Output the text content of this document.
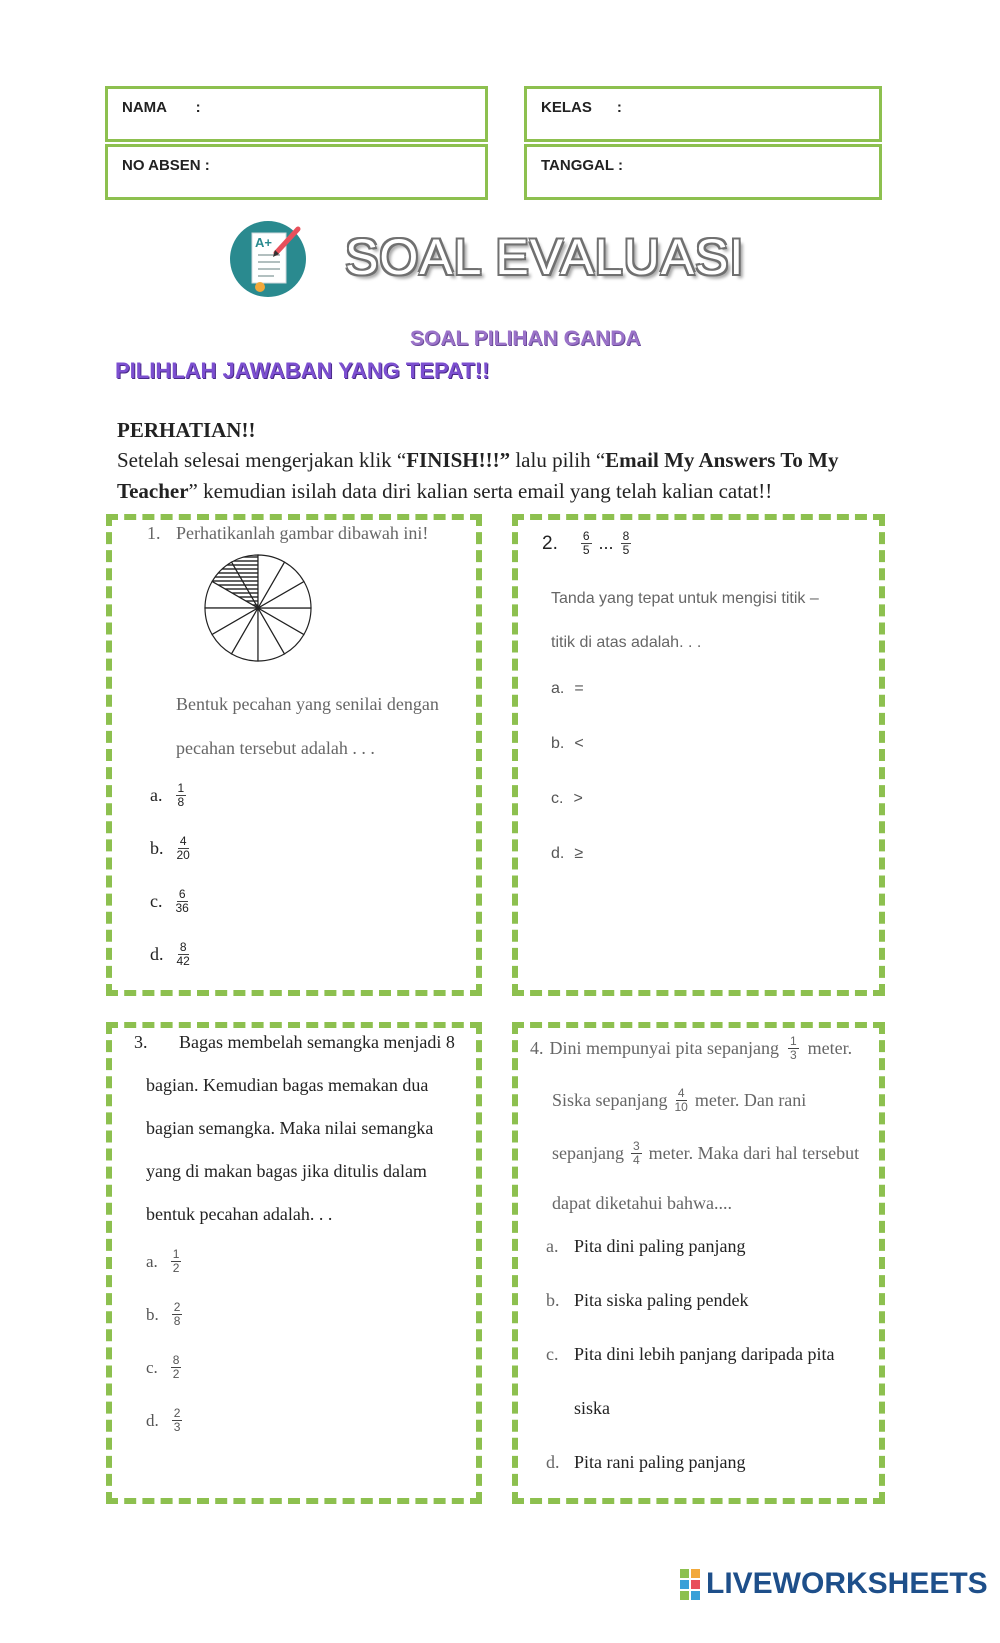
NAMA       :	KELAS      :
NO ABSEN :	TANGGAL :
A+ SOAL EVALUASI
SOAL PILIHAN GANDA
PILIHLAH JAWABAN YANG TEPAT!!
PERHATIAN!!
Setelah selesai mengerjakan klik “FINISH!!!” lalu pilih “Email My Answers To My Teacher” kemudian isilah data diri kalian serta email yang telah kalian catat!!
1. Perhatikanlah gambar dibawah ini!
Bentuk pecahan yang senilai dengan
pecahan tersebut adalah . . .
a. $\frac{1}{8}$
b. $\frac{4}{20}$
c. $\frac{6}{36}$
d. $\frac{8}{42}$
2. $\frac{6}{5}$ ... $\frac{8}{5}$
Tanda yang tepat untuk mengisi titik –
titik di atas adalah. . .
a. =
b. <
c. >
d. ≥
3. Bagas membelah semangka menjadi 8
bagian. Kemudian bagas memakan dua
bagian semangka. Maka nilai semangka
yang di makan bagas jika ditulis dalam
bentuk pecahan adalah. . .
a. $\frac{1}{2}$
b. $\frac{2}{8}$
c. $\frac{8}{2}$
d. $\frac{2}{3}$
4. Dini mempunyai pita sepanjang $\frac{1}{3}$ meter.
Siska sepanjang $\frac{4}{10}$ meter. Dan rani
sepanjang $\frac{3}{4}$ meter. Maka dari hal tersebut
dapat diketahui bahwa....
a. Pita dini paling panjang
b. Pita siska paling pendek
c. Pita dini lebih panjang daripada pita
siska
d. Pita rani paling panjang
LIVEWORKSHEETS
